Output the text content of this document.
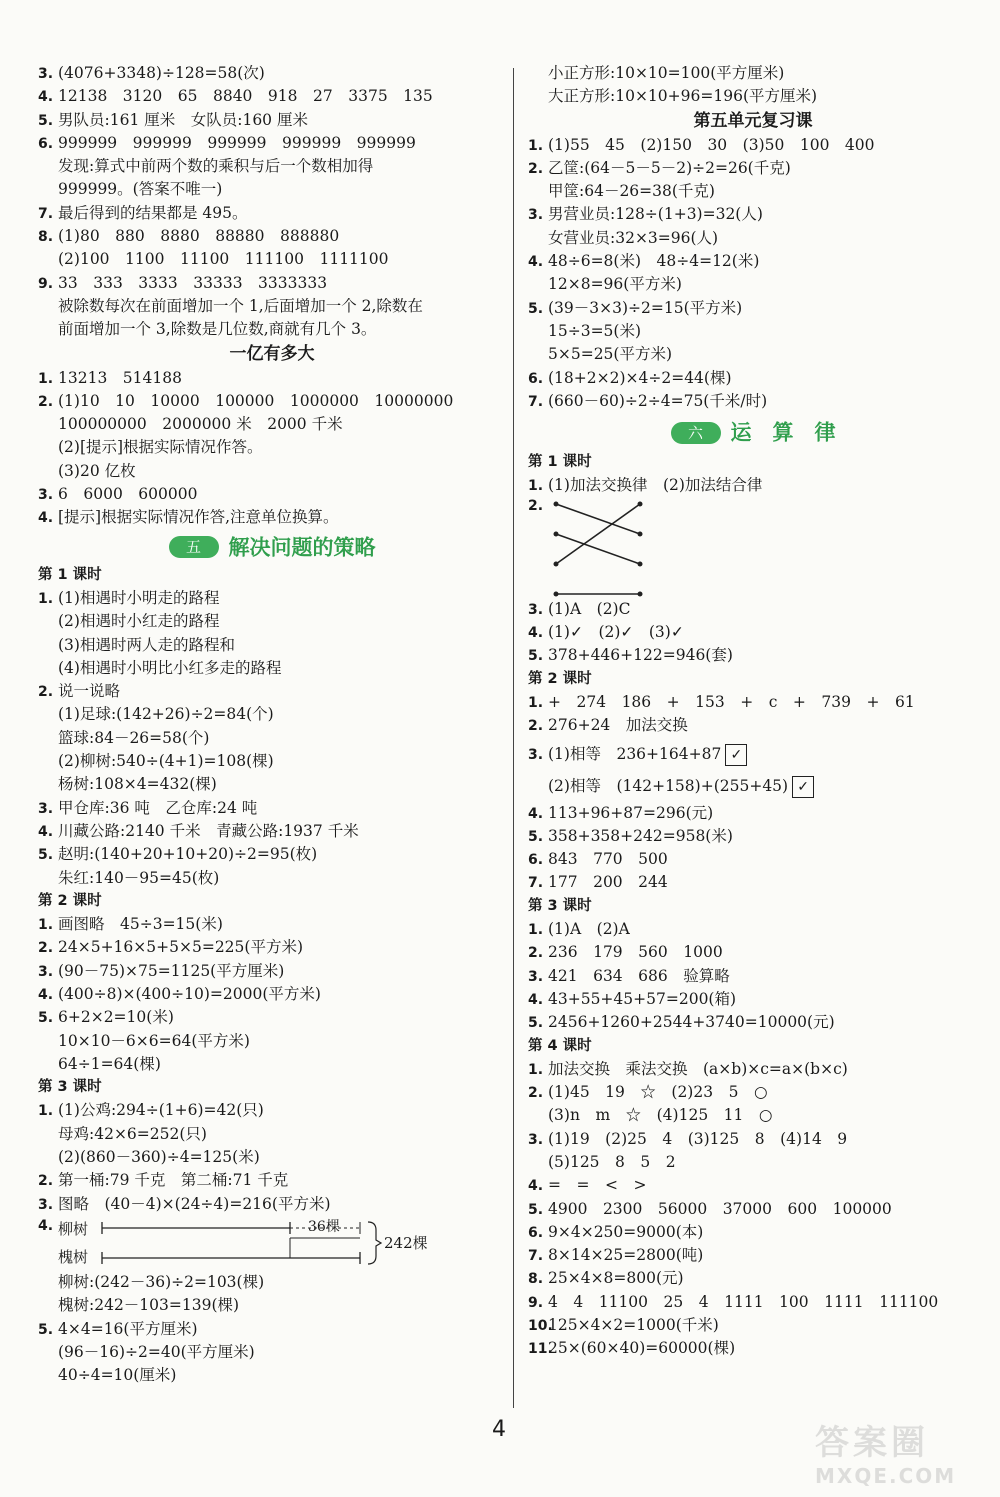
3. (4076+3348)÷128=58(次)
4. 12138　3120　65　8840　918　27　3375　135
5. 男队员:161 厘米　女队员:160 厘米
6. 999999　999999　999999　999999　999999
发现:算式中前两个数的乘积与后一个数相加得
999999。(答案不唯一)
7. 最后得到的结果都是 495。
8. (1)80　880　8880　88880　888880
(2)100　1100　11100　111100　1111100
9. 33　333　3333　33333　3333333
被除数每次在前面增加一个 1,后面增加一个 2,除数在
前面增加一个 3,除数是几位数,商就有几个 3。
一亿有多大
1. 13213　514188
2. (1)10　10　10000　100000　1000000　10000000
100000000　2000000 米　2000 千米
(2)[提示]根据实际情况作答。
(3)20 亿枚
3. 6　6000　600000
4. [提示]根据实际情况作答,注意单位换算。
五 解决问题的策略
第 1 课时
1. (1)相遇时小明走的路程
(2)相遇时小红走的路程
(3)相遇时两人走的路程和
(4)相遇时小明比小红多走的路程
2. 说一说略
(1)足球:(142+26)÷2=84(个)
篮球:84－26=58(个)
(2)柳树:540÷(4+1)=108(棵)
杨树:108×4=432(棵)
3. 甲仓库:36 吨　乙仓库:24 吨
4. 川藏公路:2140 千米　青藏公路:1937 千米
5. 赵明:(140+20+10+20)÷2=95(枚)
朱红:140－95=45(枚)
第 2 课时
1. 画图略　45÷3=15(米)
2. 24×5+16×5+5×5=225(平方米)
3. (90－75)×75=1125(平方厘米)
4. (400÷8)×(400÷10)=2000(平方米)
5. 6+2×2=10(米)
10×10－6×6=64(平方米)
64÷1=64(棵)
第 3 课时
1. (1)公鸡:294÷(1+6)=42(只)
母鸡:42×6=252(只)
(2)(860－360)÷4=125(米)
2. 第一桶:79 千克　第二桶:71 千克
3. 图略　(40－4)×(24÷4)=216(平方米)
4. 柳树
槐树
36棵
242棵
柳树:(242－36)÷2=103(棵)
槐树:242－103=139(棵)
5. 4×4=16(平方厘米)
(96－16)÷2=40(平方厘米)
40÷4=10(厘米)
小正方形:10×10=100(平方厘米)
大正方形:10×10+96=196(平方厘米)
第五单元复习课
1. (1)55　45　(2)150　30　(3)50　100　400
2. 乙筐:(64－5－5－2)÷2=26(千克)
甲筐:64－26=38(千克)
3. 男营业员:128÷(1+3)=32(人)
女营业员:32×3=96(人)
4. 48÷6=8(米)　48÷4=12(米)
12×8=96(平方米)
5. (39－3×3)÷2=15(平方米)
15÷3=5(米)
5×5=25(平方米)
6. (18+2×2)×4÷2=44(棵)
7. (660－60)÷2÷4=75(千米/时)
六 运　算　律
第 1 课时
1. (1)加法交换律　(2)加法结合律
2.
3. (1)A　(2)C
4. (1)✓　(2)✓　(3)✓
5. 378+446+122=946(套)
第 2 课时
1. +　274　186　+　153　+　c　+　739　+　61
2. 276+24　加法交换
3. (1)相等　236+164+87 ✓
(2)相等　(142+158)+(255+45) ✓
4. 113+96+87=296(元)
5. 358+358+242=958(米)
6. 843　770　500
7. 177　200　244
第 3 课时
1. (1)A　(2)A
2. 236　179　560　1000
3. 421　634　686　验算略
4. 43+55+45+57=200(箱)
5. 2456+1260+2544+3740=10000(元)
第 4 课时
1. 加法交换　乘法交换　(a×b)×c=a×(b×c)
2. (1)45　19　☆　(2)23　5　○
(3)n　m　☆　(4)125　11　○
3. (1)19　(2)25　4　(3)125　8　(4)14　9
(5)125　8　5　2
4. =　=　<　>
5. 4900　2300　56000　37000　600　100000
6. 9×4×250=9000(本)
7. 8×14×25=2800(吨)
8. 25×4×8=800(元)
9. 4　4　11100　25　4　1111　100　1111　111100
10.125×4×2=1000(千米)
11.25×(60×40)=60000(棵)
4	答案圈
MXQE.COM
